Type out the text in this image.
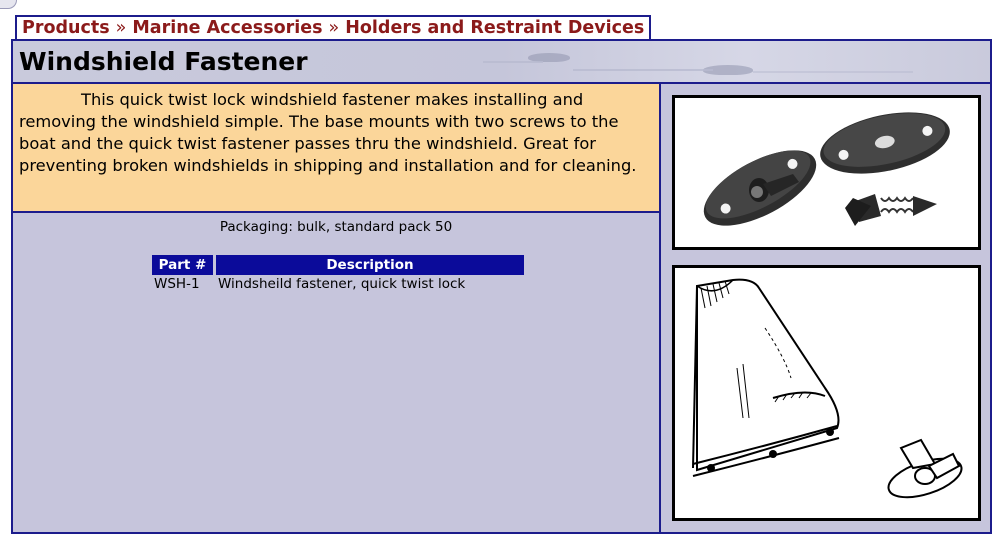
Products » Marine Accessories » Holders and Restraint Devices
Windshield Fastener
This quick twist lock windshield fastener makes installing and removing the windshield simple. The base mounts with two screws to the boat and the quick twist fastener passes thru the windshield. Great for preventing broken windshields in shipping and installation and for cleaning.
Packaging: bulk, standard pack 50
Part #	Description
WSH-1	Windsheild fastener, quick twist lock
